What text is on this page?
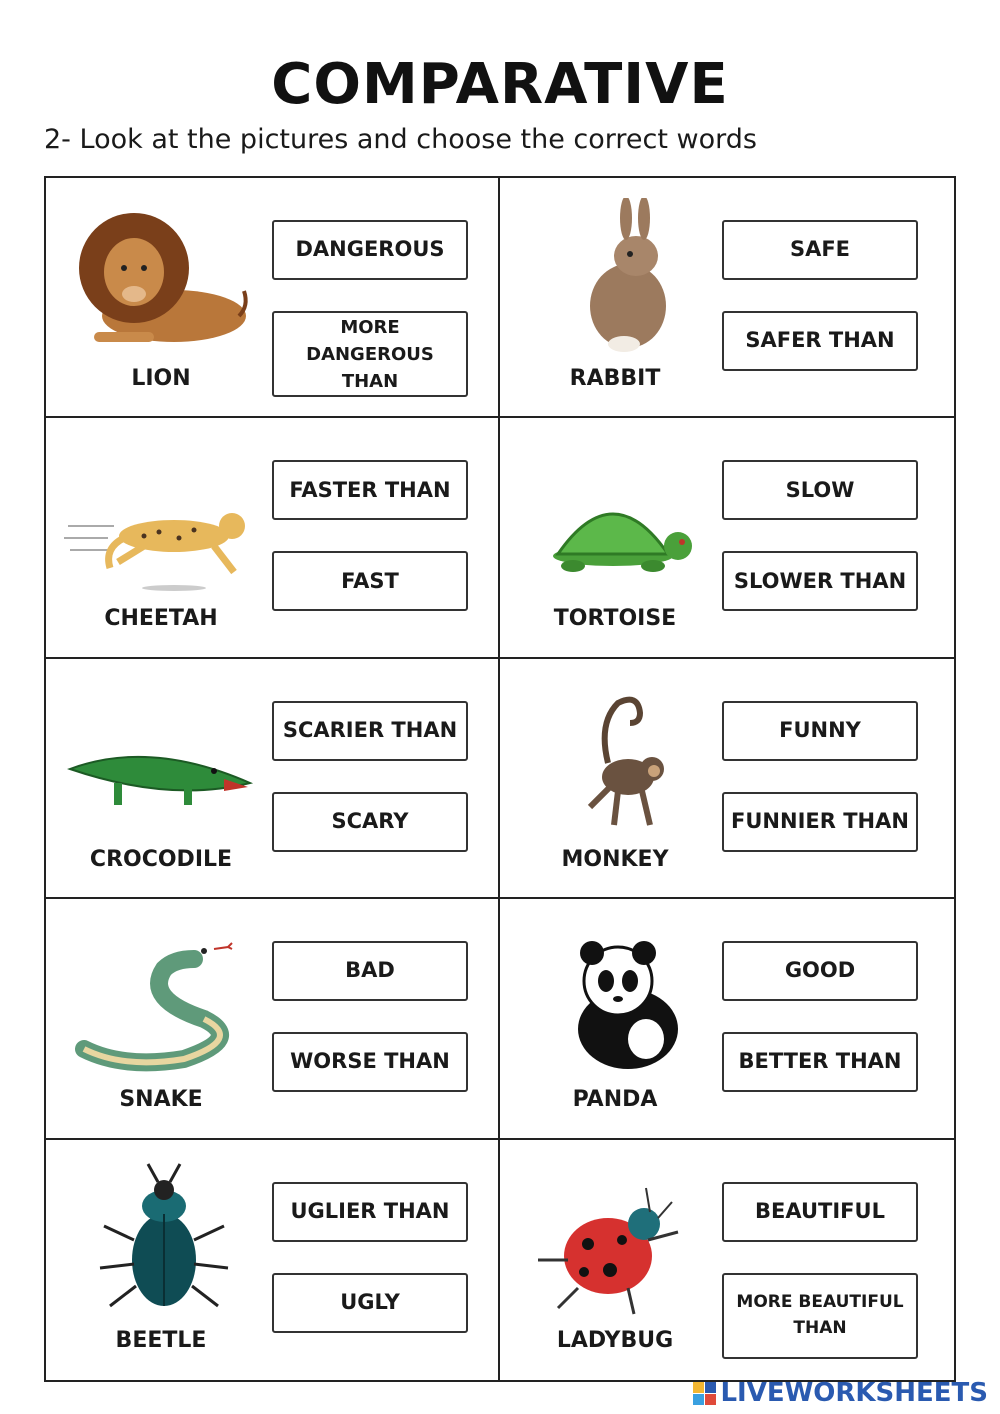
COMPARATIVE
2- Look at the pictures and choose the correct words
LION
DANGEROUS
MORE DANGEROUS THAN	RABBIT
SAFE
SAFER THAN
CHEETAH
FASTER THAN
FAST
TORTOISE
SLOW
SLOWER THAN
CROCODILE
SCARIER THAN
SCARY
MONKEY
FUNNY
FUNNIER THAN
SNAKE
BAD
WORSE THAN
PANDA
GOOD
BETTER THAN
BEETLE
UGLIER THAN
UGLY
LADYBUG
BEAUTIFUL
MORE BEAUTIFUL THAN
LIVEWORKSHEETS
